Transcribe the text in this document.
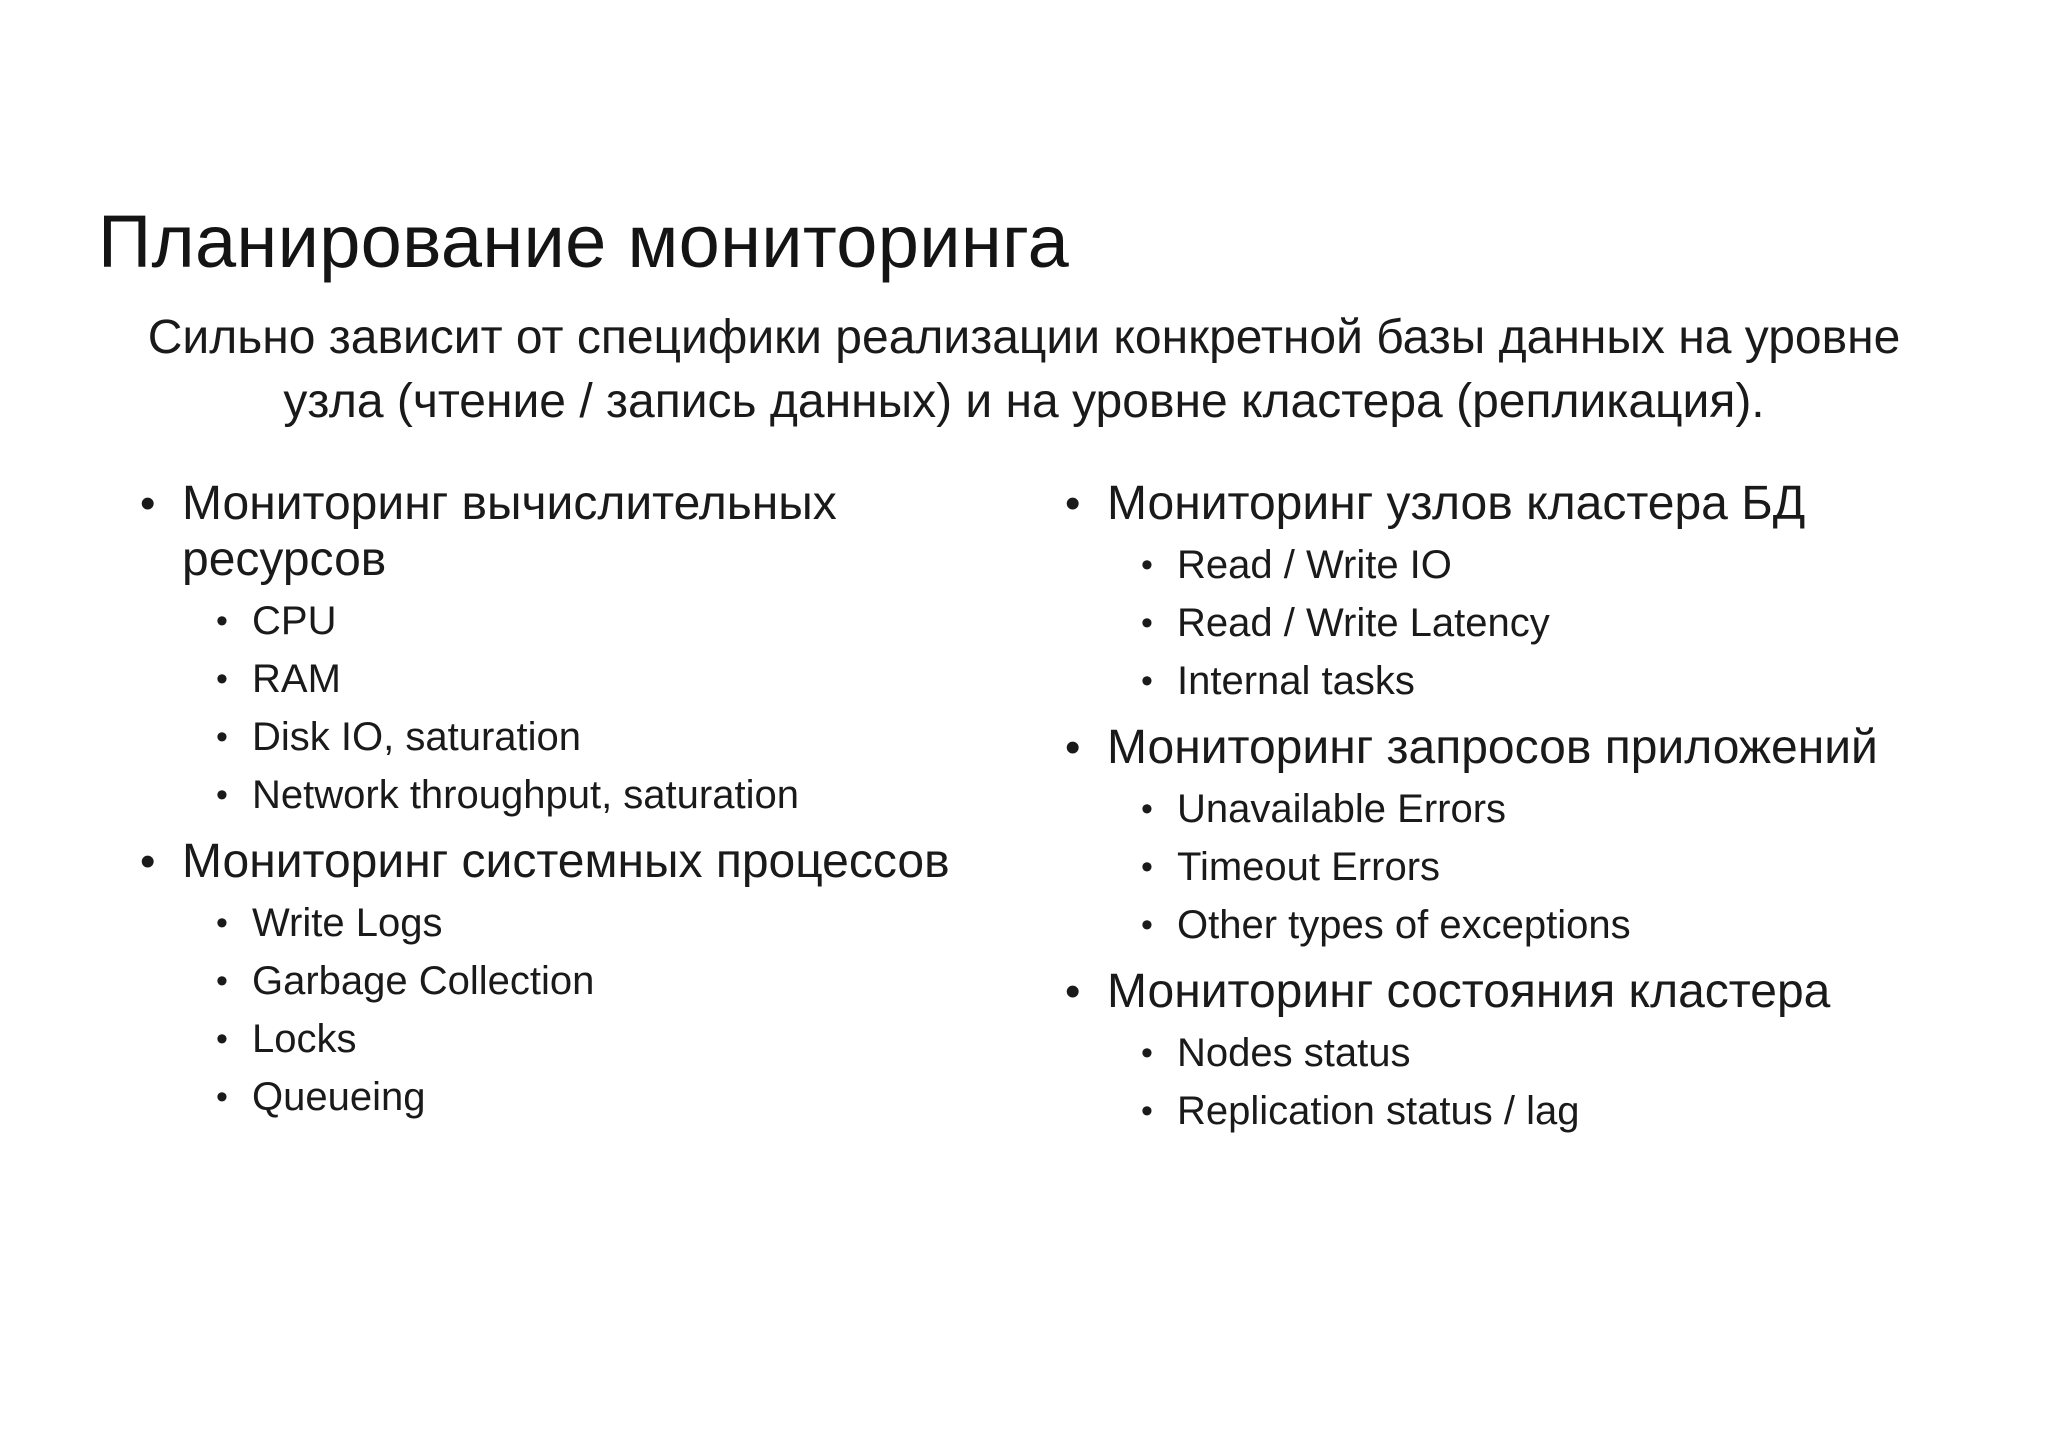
Планирование мониторинга

Сильно зависит от специфики реализации конкретной базы данных на уровне узла (чтение / запись данных) и на уровне кластера (репликация).

• Мониторинг вычислительных ресурсов
• CPU
• RAM
• Disk IO, saturation
• Network throughput, saturation
• Мониторинг системных процессов
• Write Logs
• Garbage Collection
• Locks
• Queueing
• Мониторинг узлов кластера БД
• Read / Write IO
• Read / Write Latency
• Internal tasks
• Мониторинг запросов приложений
• Unavailable Errors
• Timeout Errors
• Other types of exceptions
• Мониторинг состояния кластера
• Nodes status
• Replication status / lag
